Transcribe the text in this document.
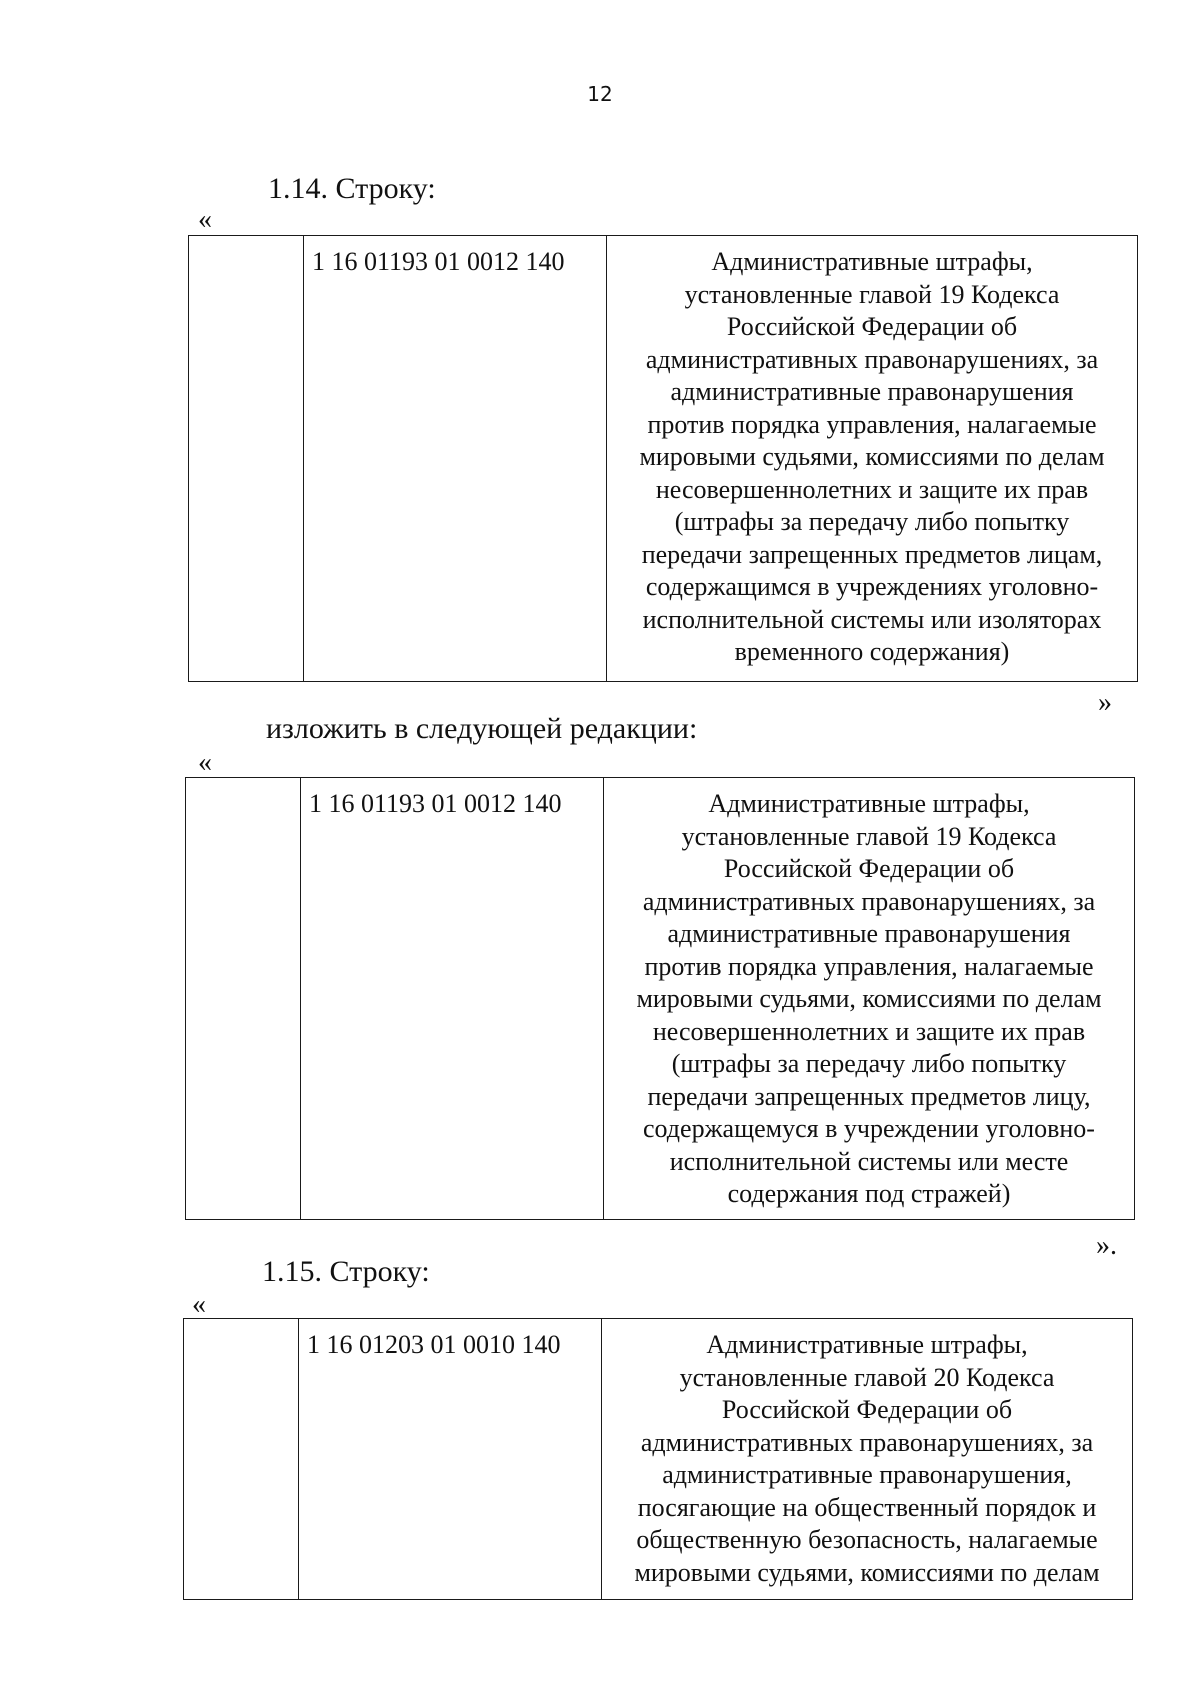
12
1.14. Строку:
«
	1 16 01193 01 0012 140	Административные штрафы,
установленные главой 19 Кодекса
Российской Федерации об
административных правонарушениях, за
административные правонарушения
против порядка управления, налагаемые
мировыми судьями, комиссиями по делам
несовершеннолетних и защите их прав
(штрафы за передачу либо попытку
передачи запрещенных предметов лицам,
содержащимся в учреждениях уголовно-
исполнительной системы или изоляторах
временного содержания)
»
изложить в следующей редакции:
«
	1 16 01193 01 0012 140	Административные штрафы,
установленные главой 19 Кодекса
Российской Федерации об
административных правонарушениях, за
административные правонарушения
против порядка управления, налагаемые
мировыми судьями, комиссиями по делам
несовершеннолетних и защите их прав
(штрафы за передачу либо попытку
передачи запрещенных предметов лицу,
содержащемуся в учреждении уголовно-
исполнительной системы или месте
содержания под стражей)
».
1.15. Строку:
«
	1 16 01203 01 0010 140	Административные штрафы,
установленные главой 20 Кодекса
Российской Федерации об
административных правонарушениях, за
административные правонарушения,
посягающие на общественный порядок и
общественную безопасность, налагаемые
мировыми судьями, комиссиями по делам
